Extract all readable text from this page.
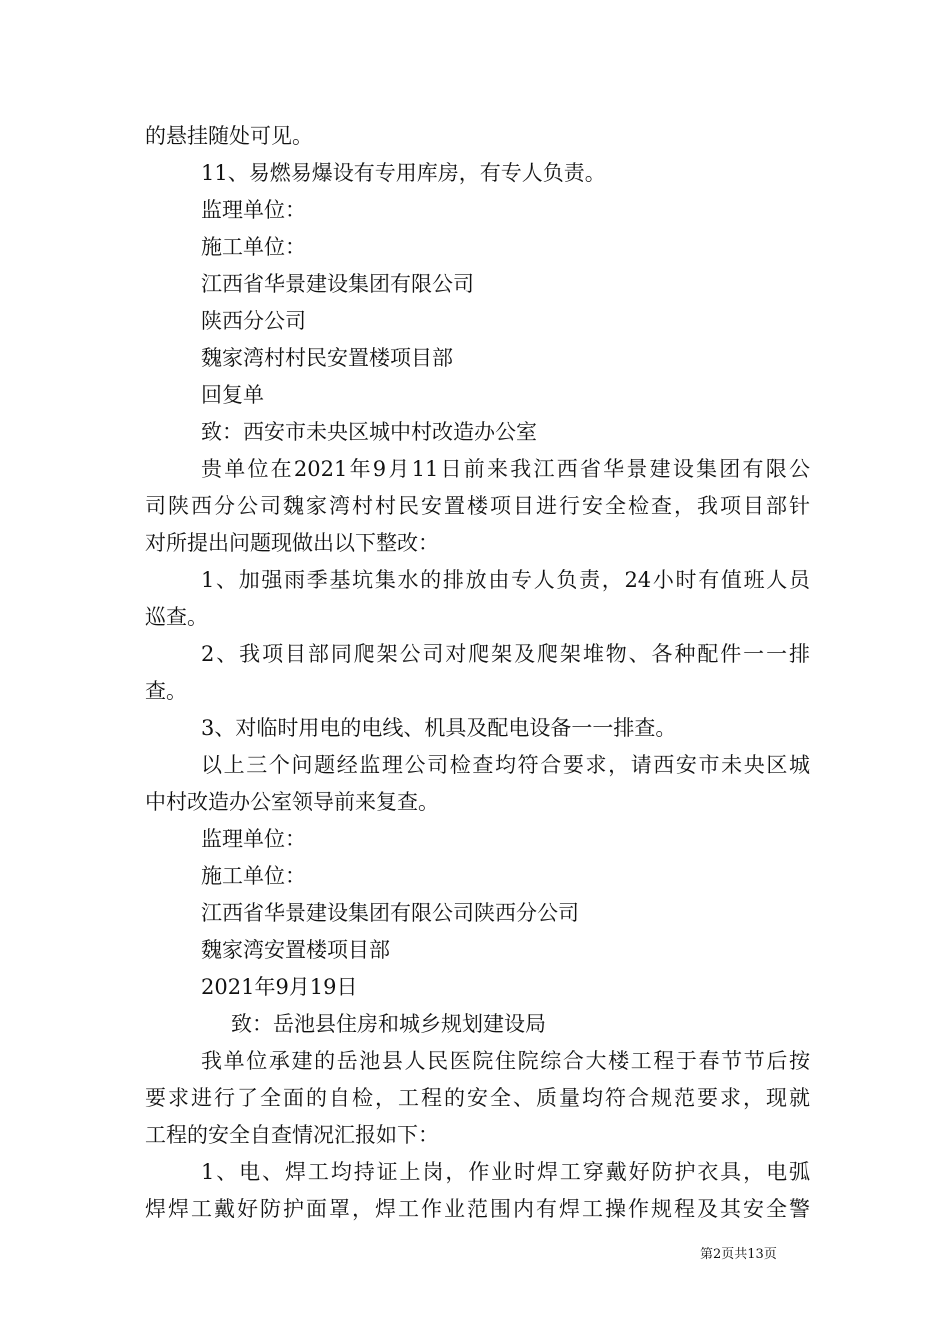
的悬挂随处可见。
11、易燃易爆设有专用库房，有专人负责。
监理单位：
施工单位：
江西省华景建设集团有限公司
陕西分公司
魏家湾村村民安置楼项目部
回复单
致：西安市未央区城中村改造办公室
贵单位在2021年9月11日前来我江西省华景建设集团有限公
司陕西分公司魏家湾村村民安置楼项目进行安全检查，我项目部针
对所提出问题现做出以下整改：
1、加强雨季基坑集水的排放由专人负责，24小时有值班人员
巡查。
2、我项目部同爬架公司对爬架及爬架堆物、各种配件一一排
查。
3、对临时用电的电线、机具及配电设备一一排查。
以上三个问题经监理公司检查均符合要求，请西安市未央区城
中村改造办公室领导前来复查。
监理单位：
施工单位：
江西省华景建设集团有限公司陕西分公司
魏家湾安置楼项目部
2021年9月19日
致：岳池县住房和城乡规划建设局
我单位承建的岳池县人民医院住院综合大楼工程于春节节后按
要求进行了全面的自检，工程的安全、质量均符合规范要求，现就
工程的安全自查情况汇报如下：
1、电、焊工均持证上岗，作业时焊工穿戴好防护衣具，电弧
焊焊工戴好防护面罩，焊工作业范围内有焊工操作规程及其安全警
第2页共13页
